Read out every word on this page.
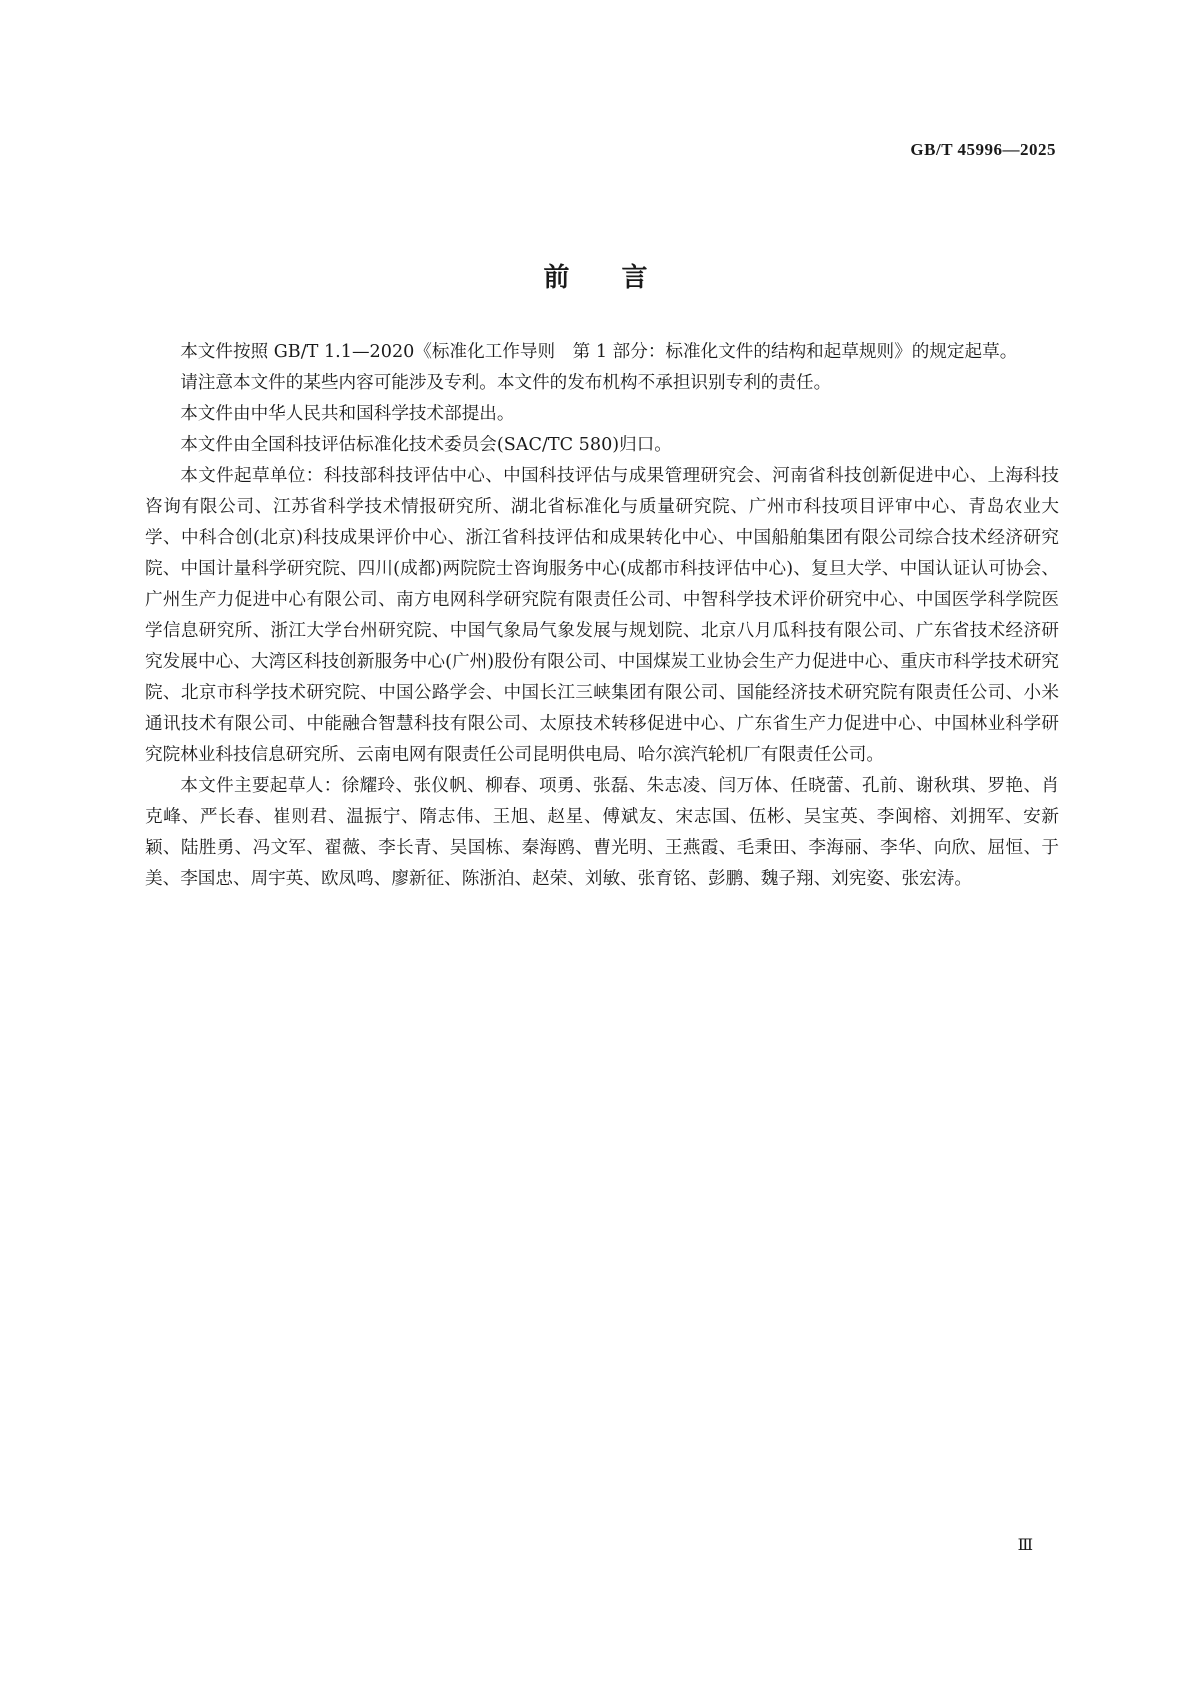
GB/T 45996—2025
前言

本文件按照 GB/T 1.1—2020《标准化工作导则　第 1 部分：标准化文件的结构和起草规则》的规定起草。

请注意本文件的某些内容可能涉及专利。本文件的发布机构不承担识别专利的责任。

本文件由中华人民共和国科学技术部提出。

本文件由全国科技评估标准化技术委员会(SAC/TC 580)归口。

本文件起草单位：科技部科技评估中心、中国科技评估与成果管理研究会、河南省科技创新促进中心、上海科技咨询有限公司、江苏省科学技术情报研究所、湖北省标准化与质量研究院、广州市科技项目评审中心、青岛农业大学、中科合创(北京)科技成果评价中心、浙江省科技评估和成果转化中心、中国船舶集团有限公司综合技术经济研究院、中国计量科学研究院、四川(成都)两院院士咨询服务中心(成都市科技评估中心)、复旦大学、中国认证认可协会、广州生产力促进中心有限公司、南方电网科学研究院有限责任公司、中智科学技术评价研究中心、中国医学科学院医学信息研究所、浙江大学台州研究院、中国气象局气象发展与规划院、北京八月瓜科技有限公司、广东省技术经济研究发展中心、大湾区科技创新服务中心(广州)股份有限公司、中国煤炭工业协会生产力促进中心、重庆市科学技术研究院、北京市科学技术研究院、中国公路学会、中国长江三峡集团有限公司、国能经济技术研究院有限责任公司、小米通讯技术有限公司、中能融合智慧科技有限公司、太原技术转移促进中心、广东省生产力促进中心、中国林业科学研究院林业科技信息研究所、云南电网有限责任公司昆明供电局、哈尔滨汽轮机厂有限责任公司。

本文件主要起草人：徐耀玲、张仪帆、柳春、项勇、张磊、朱志凌、闫万体、任晓蕾、孔前、谢秋琪、罗艳、肖克峰、严长春、崔则君、温振宁、隋志伟、王旭、赵星、傅斌友、宋志国、伍彬、吴宝英、李闽榕、刘拥军、安新颖、陆胜勇、冯文军、翟薇、李长青、吴国栋、秦海鸥、曹光明、王燕霞、毛秉田、李海丽、李华、向欣、屈恒、于美、李国忠、周宇英、欧凤鸣、廖新征、陈浙泊、赵荣、刘敏、张育铭、彭鹏、魏子翔、刘宪姿、张宏涛。

Ⅲ
